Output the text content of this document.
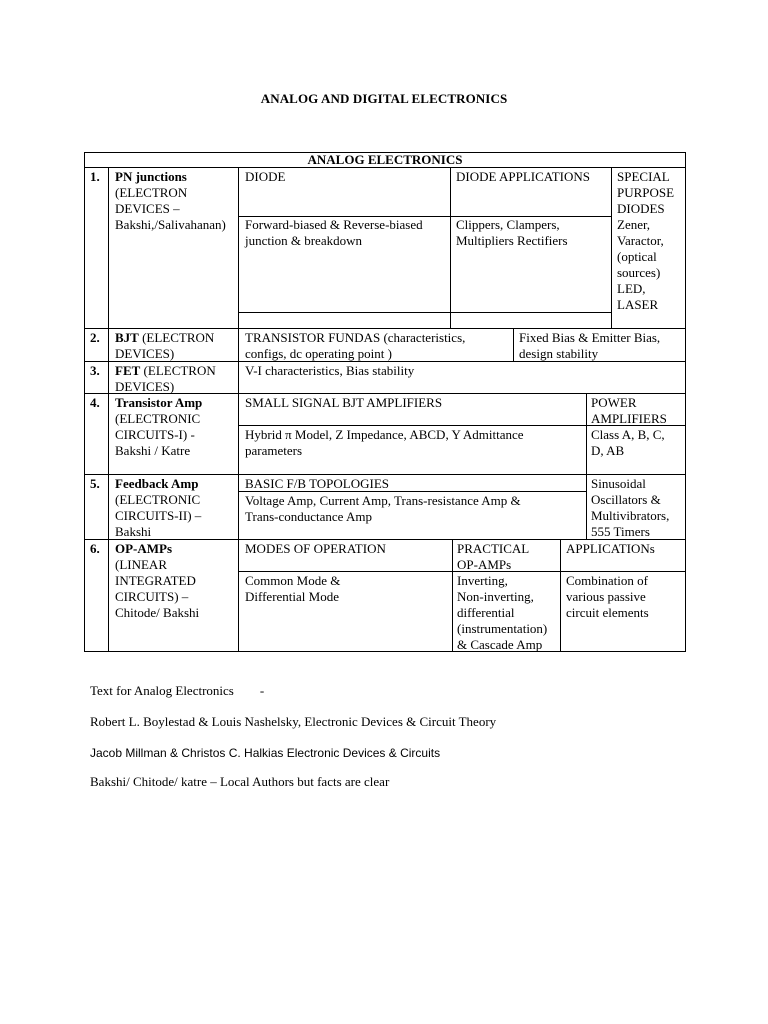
ANALOG AND DIGITAL ELECTRONICS
ANALOG ELECTRONICS
1. PN junctions
(ELECTRON
DEVICES –
Bakshi,/Salivahanan)
DIODE
Forward-biased & Reverse-biased
junction & breakdown
DIODE APPLICATIONS
Clippers, Clampers,
Multipliers Rectifiers
SPECIAL
PURPOSE
DIODES
Zener,
Varactor,
(optical
sources)
LED,
LASER
2. BJT (ELECTRON
DEVICES)
TRANSISTOR FUNDAS (characteristics,
configs, dc operating point )
Fixed Bias & Emitter Bias,
design stability
3. FET (ELECTRON
DEVICES)
V-I characteristics, Bias stability
4. Transistor Amp
(ELECTRONIC
CIRCUITS-I) -
Bakshi / Katre
SMALL SIGNAL BJT AMPLIFIERS
Hybrid π Model, Z Impedance, ABCD, Y Admittance
parameters
POWER
AMPLIFIERS
Class A, B, C,
D, AB
5. Feedback Amp
(ELECTRONIC
CIRCUITS-II) –
Bakshi
BASIC F/B TOPOLOGIES
Voltage Amp, Current Amp, Trans-resistance Amp &
Trans-conductance Amp
Sinusoidal
Oscillators &
Multivibrators,
555 Timers
6. OP-AMPs
(LINEAR
INTEGRATED
CIRCUITS) –
Chitode/ Bakshi
MODES OF OPERATION
Common Mode &
Differential Mode
PRACTICAL
OP-AMPs
Inverting,
Non-inverting,
differential
(instrumentation)
& Cascade Amp
APPLICATIONs
Combination of
various passive
circuit elements
Text for Analog Electronics        -
Robert L. Boylestad & Louis Nashelsky, Electronic Devices & Circuit Theory
Jacob Millman & Christos C. Halkias Electronic Devices & Circuits
Bakshi/ Chitode/ katre – Local Authors but facts are clear
